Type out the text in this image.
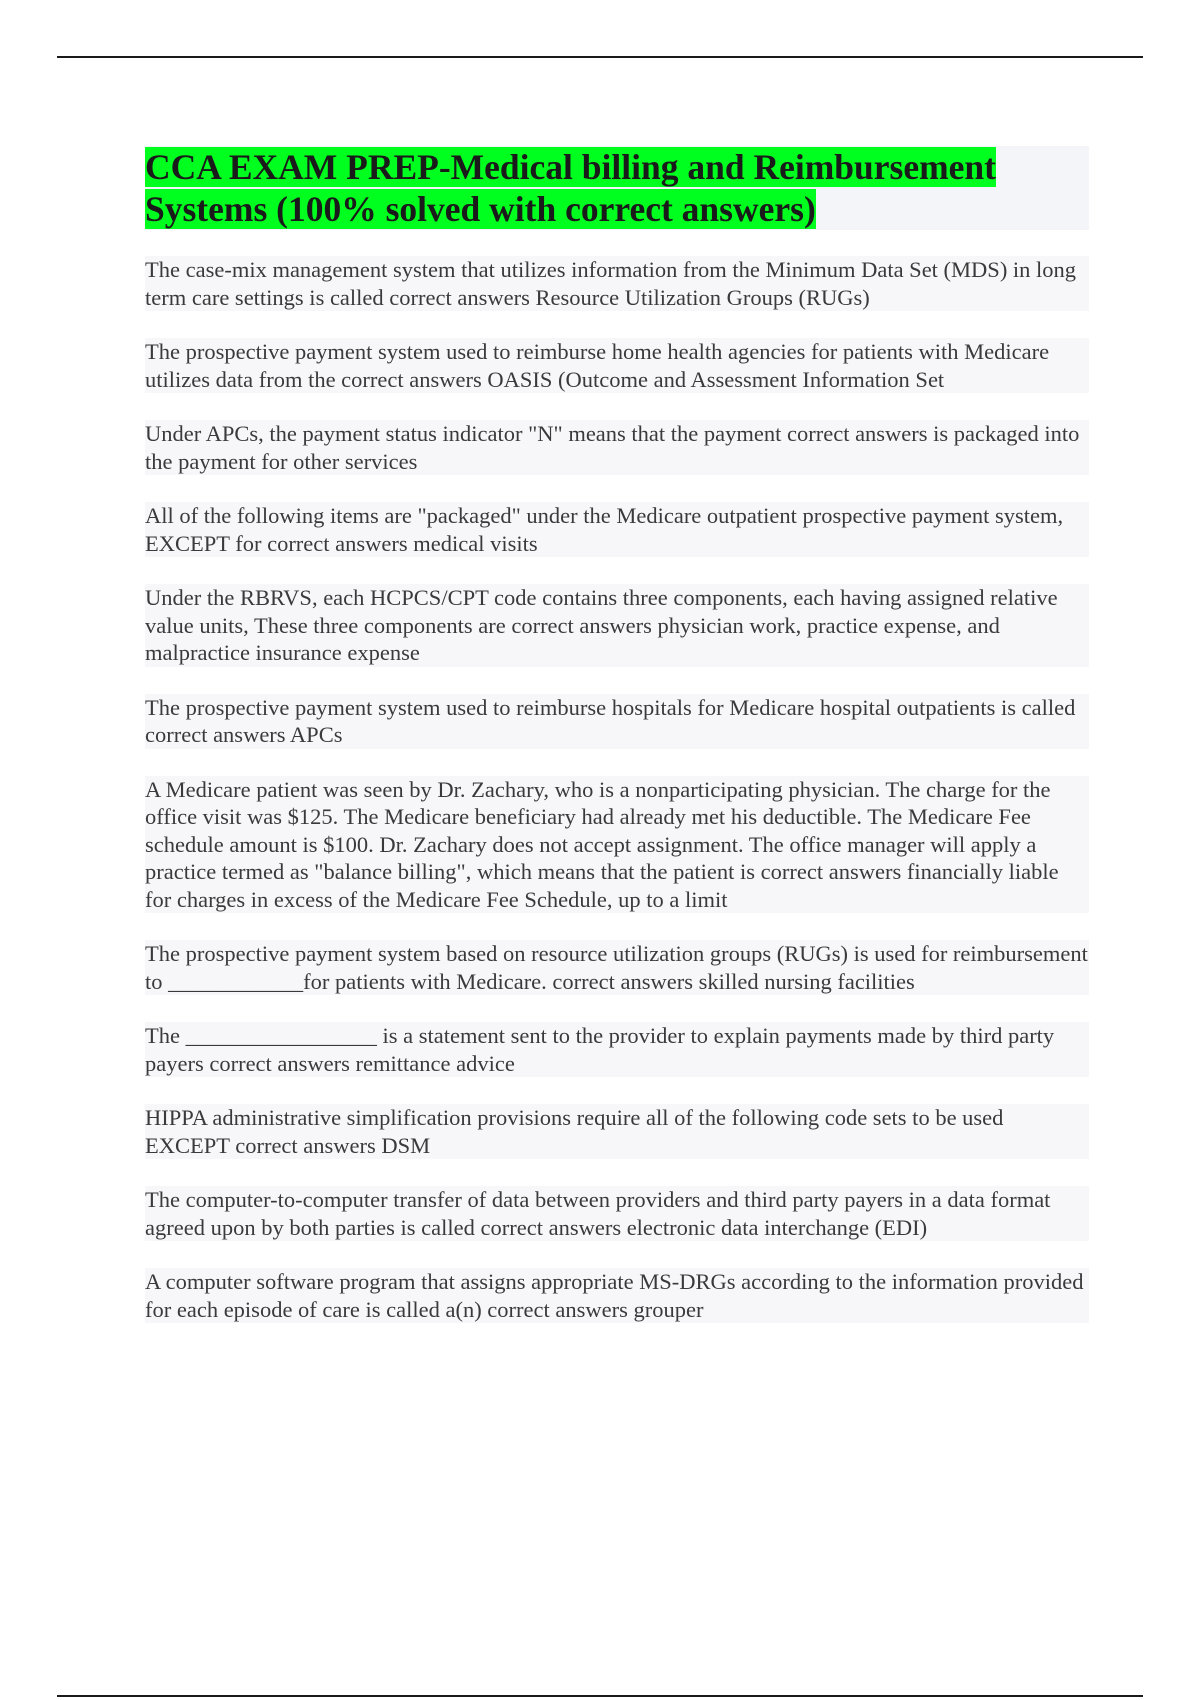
CCA EXAM PREP-Medical billing and Reimbursement Systems (100% solved with correct answers)

The case-mix management system that utilizes information from the Minimum Data Set (MDS) in long term care settings is called correct answers Resource Utilization Groups (RUGs)

The prospective payment system used to reimburse home health agencies for patients with Medicare utilizes data from the correct answers OASIS (Outcome and Assessment Information Set

Under APCs, the payment status indicator "N" means that the payment correct answers is packaged into the payment for other services

All of the following items are "packaged" under the Medicare outpatient prospective payment system, EXCEPT for correct answers medical visits

Under the RBRVS, each HCPCS/CPT code contains three components, each having assigned relative value units, These three components are correct answers physician work, practice expense, and malpractice insurance expense

The prospective payment system used to reimburse hospitals for Medicare hospital outpatients is called correct answers APCs

A Medicare patient was seen by Dr. Zachary, who is a nonparticipating physician. The charge for the office visit was $125. The Medicare beneficiary had already met his deductible. The Medicare Fee schedule amount is $100. Dr. Zachary does not accept assignment. The office manager will apply a practice termed as "balance billing", which means that the patient is correct answers financially liable for charges in excess of the Medicare Fee Schedule, up to a limit

The prospective payment system based on resource utilization groups (RUGs) is used for reimbursement to ____________for patients with Medicare. correct answers skilled nursing facilities

The _________________ is a statement sent to the provider to explain payments made by third party payers correct answers remittance advice

HIPPA administrative simplification provisions require all of the following code sets to be used EXCEPT correct answers DSM

The computer-to-computer transfer of data between providers and third party payers in a data format agreed upon by both parties is called correct answers electronic data interchange (EDI)

A computer software program that assigns appropriate MS-DRGs according to the information provided for each episode of care is called a(n) correct answers grouper
